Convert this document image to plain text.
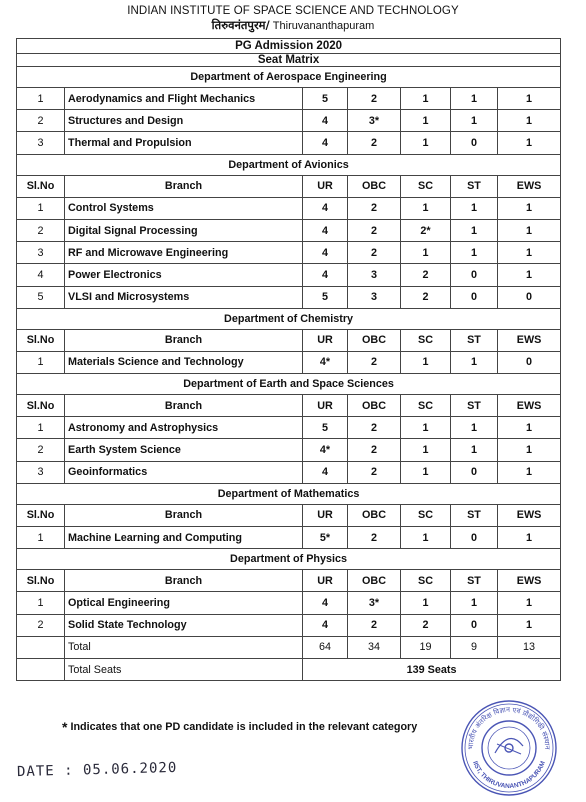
INDIAN INSTITUTE OF SPACE SCIENCE AND TECHNOLOGY
तिरुवनंतपुरम/ Thiruvananthapuram
PG Admission 2020						
Seat Matrix						
Department of Aerospace Engineering						
1	Aerodynamics and Flight Mechanics	5	2	1	1	1
2	Structures and Design	4	3*	1	1	1
3	Thermal and Propulsion	4	2	1	0	1
Department of Avionics						
Sl.No	Branch	UR	OBC	SC	ST	EWS
1	Control Systems	4	2	1	1	1
2	Digital Signal Processing	4	2	2*	1	1
3	RF and Microwave Engineering	4	2	1	1	1
4	Power Electronics	4	3	2	0	1
5	VLSI and Microsystems	5	3	2	0	0
Department of Chemistry						
Sl.No	Branch	UR	OBC	SC	ST	EWS
1	Materials Science and Technology	4*	2	1	1	0
Department of Earth and Space Sciences						
Sl.No	Branch	UR	OBC	SC	ST	EWS
1	Astronomy and Astrophysics	5	2	1	1	1
2	Earth System Science	4*	2	1	1	1
3	Geoinformatics	4	2	1	0	1
Department of Mathematics						
Sl.No	Branch	UR	OBC	SC	ST	EWS
1	Machine Learning and Computing	5*	2	1	0	1
Department of Physics						
Sl.No	Branch	UR	OBC	SC	ST	EWS
1	Optical Engineering	4	3*	1	1	1
2	Solid State Technology	4	2	2	0	1
	Total	64	34	19	9	13
	Total Seats	139 Seats				
* Indicates that one PD candidate is included in the relevant category
DATE : 05.06.2020
भारतीय अंतरिक्ष विज्ञान एवं प्रौद्योगिकी संस्थान
IIST, THIRUVANANTHAPURAM
